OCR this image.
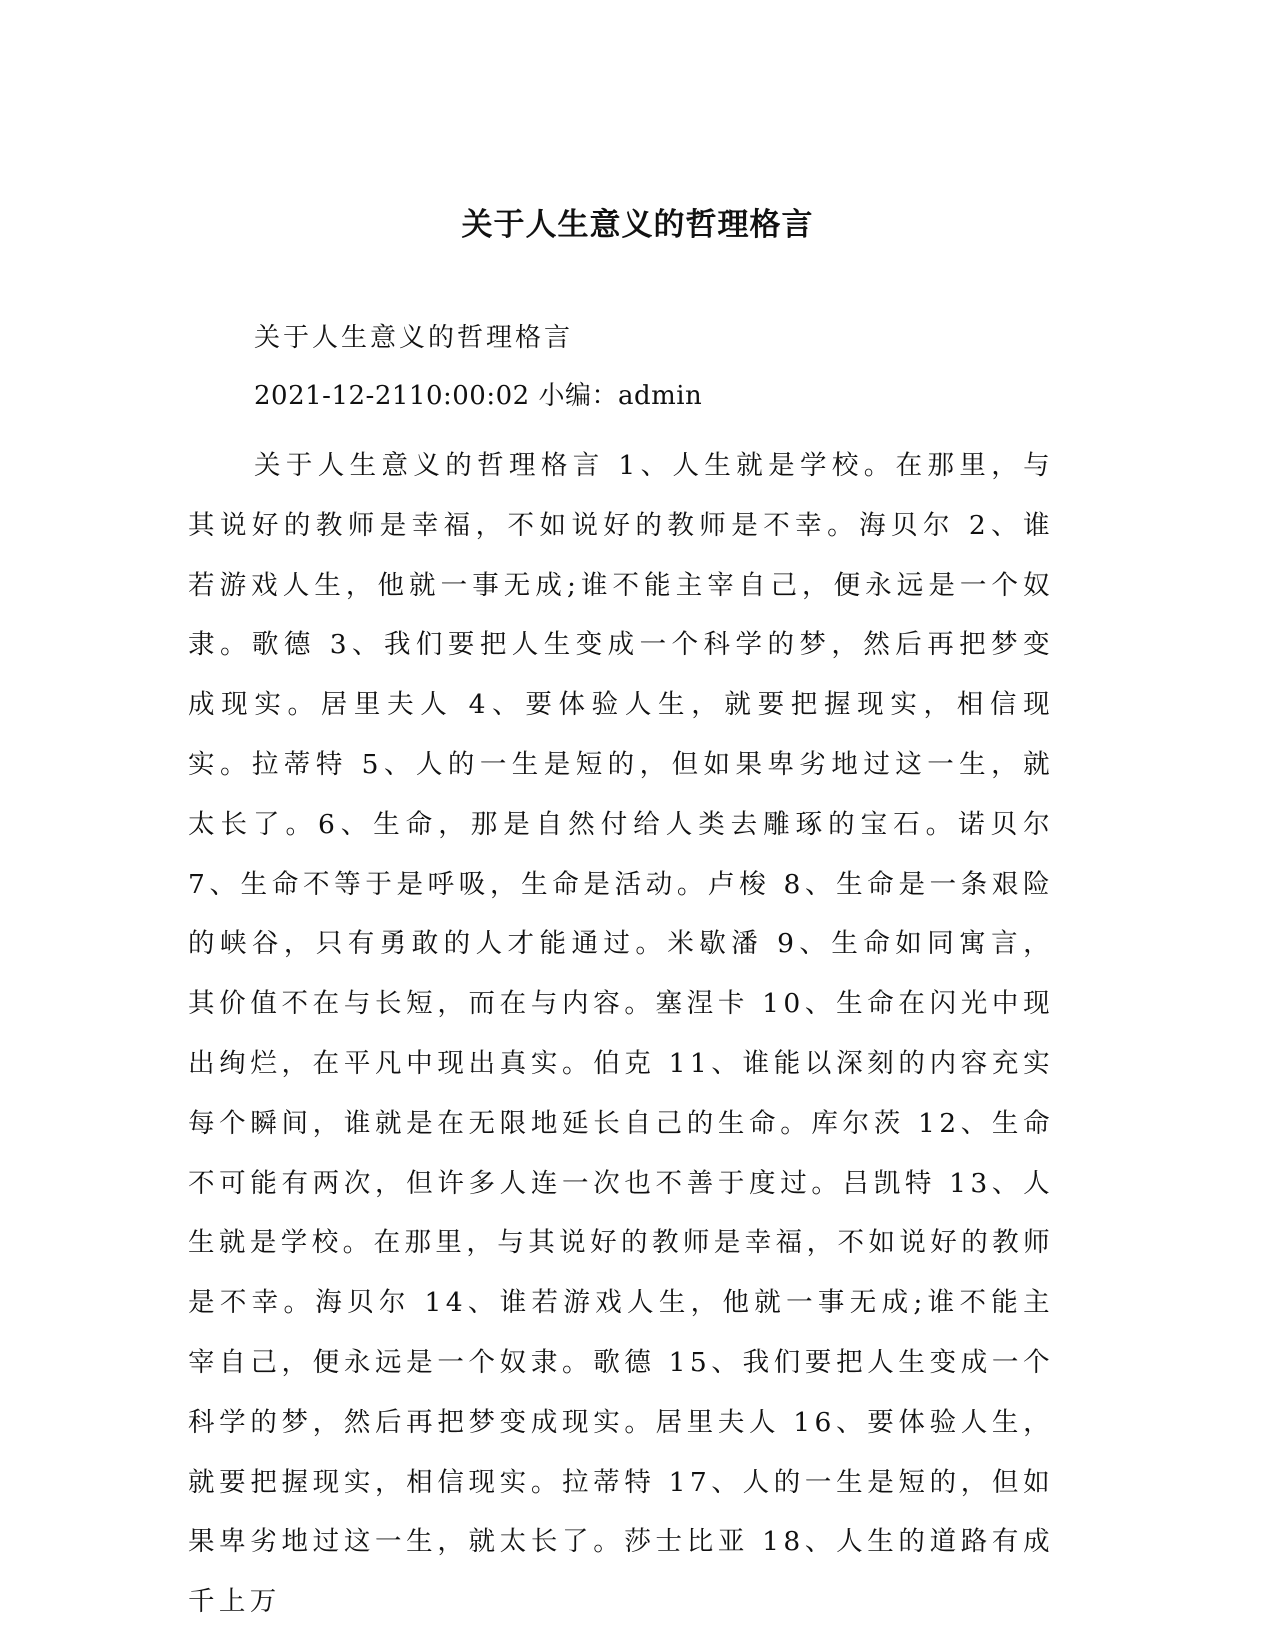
关于人生意义的哲理格言
关于人生意义的哲理格言
2021-12-2110:00:02 小编：admin
关于人生意义的哲理格言 1、人生就是学校。在那里，与其说好的教师是幸福，不如说好的教师是不幸。海贝尔 2、谁若游戏人生，他就一事无成;谁不能主宰自己，便永远是一个奴隶。歌德 3、我们要把人生变成一个科学的梦，然后再把梦变成现实。居里夫人 4、要体验人生，就要把握现实，相信现实。拉蒂特 5、人的一生是短的，但如果卑劣地过这一生，就太长了。6、生命，那是自然付给人类去雕琢的宝石。诺贝尔 7、生命不等于是呼吸，生命是活动。卢梭 8、生命是一条艰险的峡谷，只有勇敢的人才能通过。米歇潘 9、生命如同寓言，其价值不在与长短，而在与内容。塞涅卡 10、生命在闪光中现出绚烂，在平凡中现出真实。伯克 11、谁能以深刻的内容充实每个瞬间，谁就是在无限地延长自己的生命。库尔茨 12、生命不可能有两次，但许多人连一次也不善于度过。吕凯特 13、人生就是学校。在那里，与其说好的教师是幸福，不如说好的教师是不幸。海贝尔 14、谁若游戏人生，他就一事无成;谁不能主宰自己，便永远是一个奴隶。歌德 15、我们要把人生变成一个科学的梦，然后再把梦变成现实。居里夫人 16、要体验人生，就要把握现实，相信现实。拉蒂特 17、人的一生是短的，但如果卑劣地过这一生，就太长了。莎士比亚 18、人生的道路有成千上万
